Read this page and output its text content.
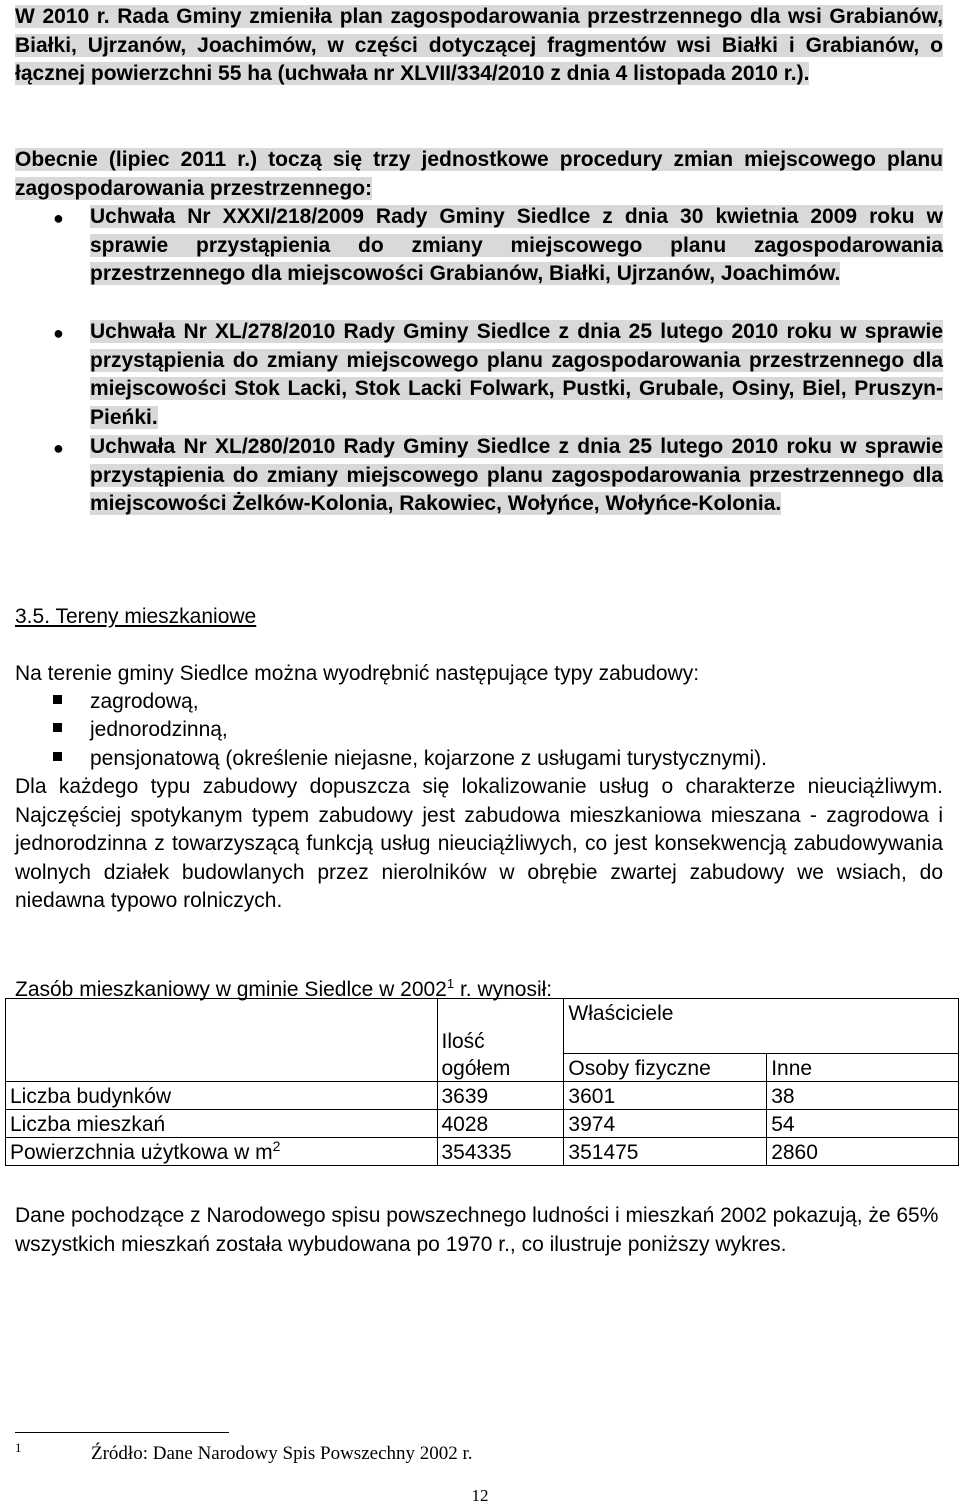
W 2010 r. Rada Gminy zmieniła plan zagospodarowania przestrzennego dla wsi Grabianów, Białki, Ujrzanów, Joachimów, w części dotyczącej fragmentów wsi Białki i Grabianów, o łącznej powierzchni 55 ha (uchwała nr XLVII/334/2010 z dnia 4 listopada 2010 r.).
Obecnie (lipiec 2011 r.) toczą się trzy jednostkowe procedury zmian miejscowego planu zagospodarowania przestrzennego:
● Uchwała Nr XXXI/218/2009 Rady Gminy Siedlce z dnia 30 kwietnia 2009 roku w sprawie przystąpienia do zmiany miejscowego planu zagospodarowania przestrzennego dla miejscowości Grabianów, Białki, Ujrzanów, Joachimów.
● Uchwała Nr XL/278/2010 Rady Gminy Siedlce z dnia 25 lutego 2010 roku w sprawie przystąpienia do zmiany miejscowego planu zagospodarowania przestrzennego dla miejscowości Stok Lacki, Stok Lacki Folwark, Pustki, Grubale, Osiny, Biel, Pruszyn-Pieńki.
● Uchwała Nr XL/280/2010 Rady Gminy Siedlce z dnia 25 lutego 2010 roku w sprawie przystąpienia do zmiany miejscowego planu zagospodarowania przestrzennego dla miejscowości Żelków-Kolonia, Rakowiec, Wołyńce, Wołyńce-Kolonia.
3.5. Tereny mieszkaniowe
Na terenie gminy Siedlce można wyodrębnić następujące typy zabudowy:
zagrodową,
jednorodzinną,
pensjonatową (określenie niejasne, kojarzone z usługami turystycznymi).
Dla każdego typu zabudowy dopuszcza się lokalizowanie usług o charakterze nieuciążliwym. Najczęściej spotykanym typem zabudowy jest zabudowa mieszkaniowa mieszana - zagrodowa i jednorodzinna z towarzyszącą funkcją usług nieuciążliwych, co jest konsekwencją zabudowywania wolnych działek budowlanych przez nierolników w obrębie zwartej zabudowy we wsiach, do niedawna typowo rolniczych.
Zasób mieszkaniowy w gminie Siedlce w 2002$^1$ r. wynosił:
		Właściciele	
	Ilość		
	ogółem	Osoby fizyczne	Inne
Liczba budynków	3639	3601	38
Liczba mieszkań	4028	3974	54
Powierzchnia użytkowa w $m^2$	354335	351475	2860
Dane pochodzące z Narodowego spisu powszechnego ludności i mieszkań 2002 pokazują, że 65% wszystkich mieszkań została wybudowana po 1970 r., co ilustruje poniższy wykres.
1	Źródło: Dane Narodowy Spis Powszechny 2002 r.
12
